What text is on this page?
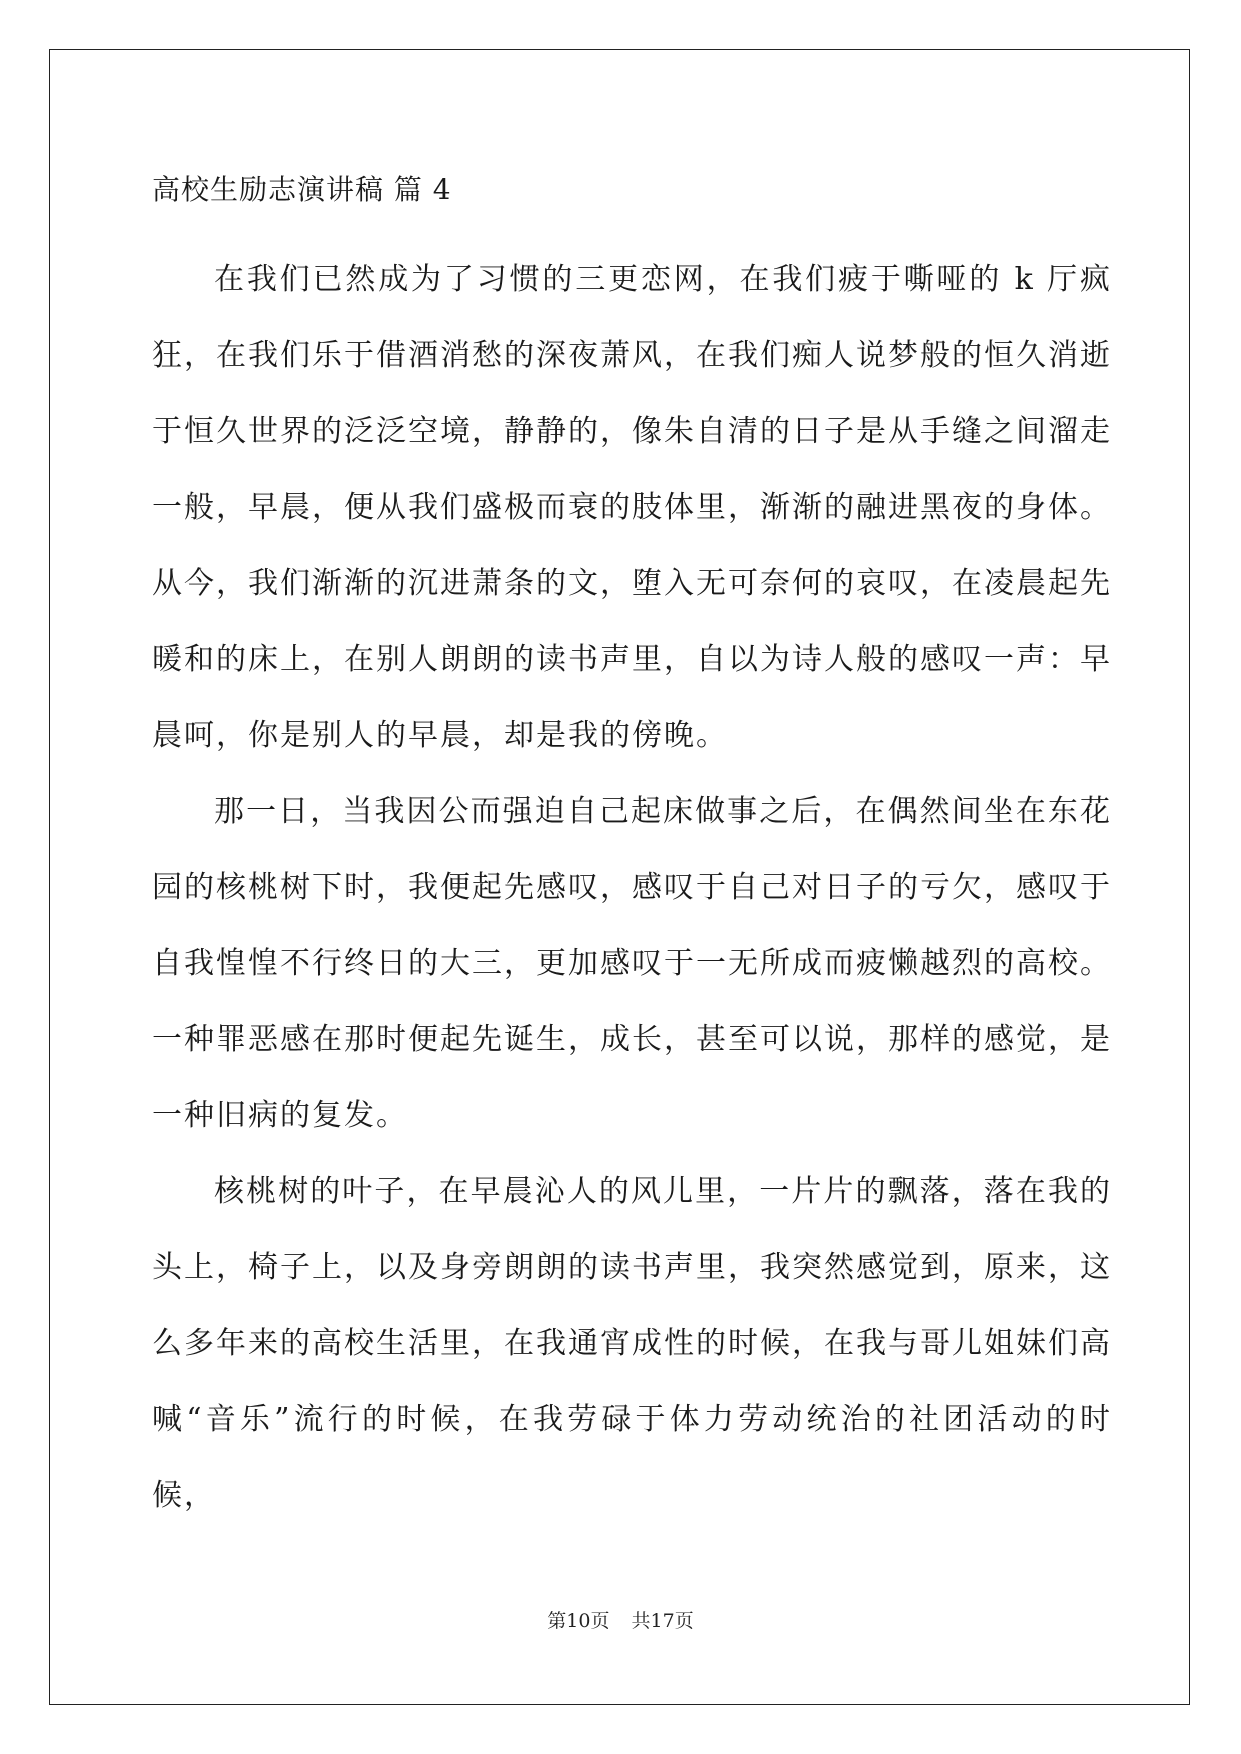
高校生励志演讲稿 篇 4

在我们已然成为了习惯的三更恋网，在我们疲于嘶哑的 k 厅疯狂，在我们乐于借酒消愁的深夜萧风，在我们痴人说梦般的恒久消逝于恒久世界的泛泛空境，静静的，像朱自清的日子是从手缝之间溜走一般，早晨，便从我们盛极而衰的肢体里，渐渐的融进黑夜的身体。从今，我们渐渐的沉进萧条的文，堕入无可奈何的哀叹，在凌晨起先暖和的床上，在别人朗朗的读书声里，自以为诗人般的感叹一声：早晨呵，你是别人的早晨，却是我的傍晚。

那一日，当我因公而强迫自己起床做事之后，在偶然间坐在东花园的核桃树下时，我便起先感叹，感叹于自己对日子的亏欠，感叹于自我惶惶不行终日的大三，更加感叹于一无所成而疲懒越烈的高校。一种罪恶感在那时便起先诞生，成长，甚至可以说，那样的感觉，是一种旧病的复发。

核桃树的叶子，在早晨沁人的风儿里，一片片的飘落，落在我的头上，椅子上，以及身旁朗朗的读书声里，我突然感觉到，原来，这么多年来的高校生活里，在我通宵成性的时候，在我与哥儿姐妹们高喊“音乐”流行的时候，在我劳碌于体力劳动统治的社团活动的时候，

第10页 共17页
